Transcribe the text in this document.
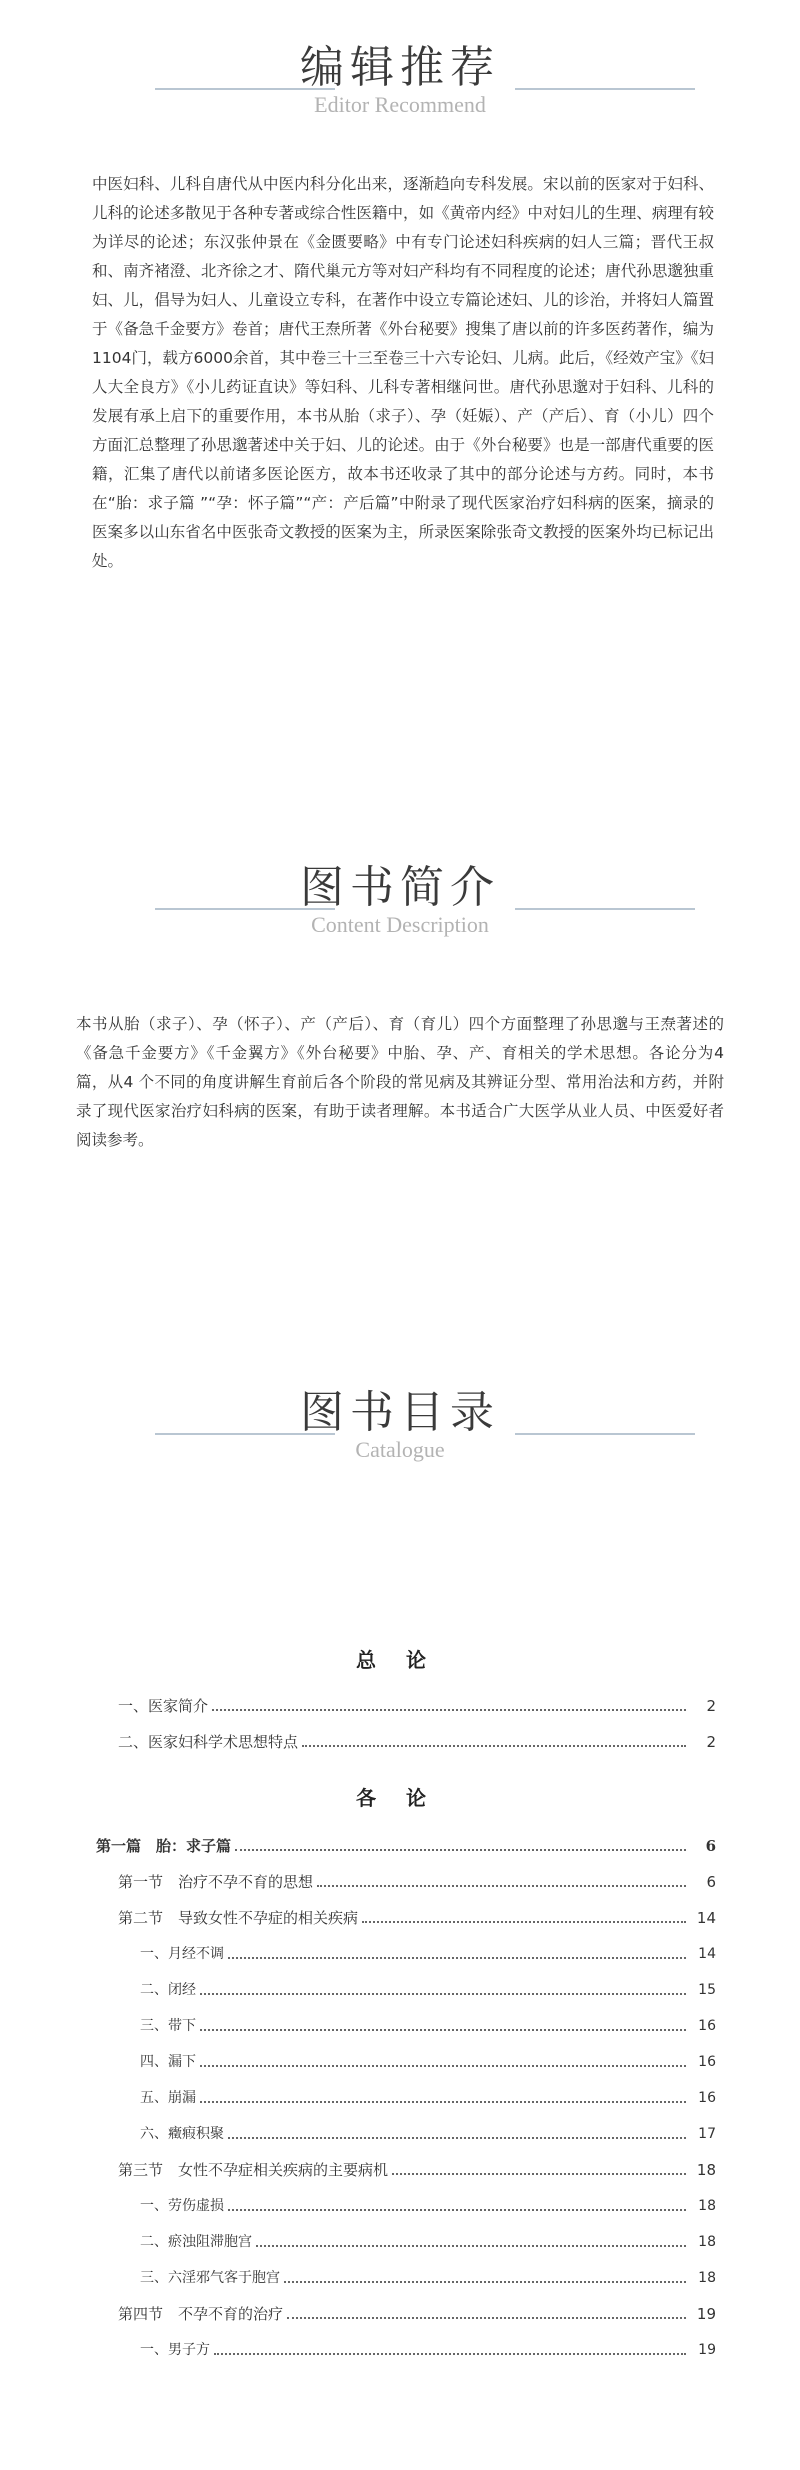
编辑推荐
Editor Recommend
中医妇科、儿科自唐代从中医内科分化出来，逐渐趋向专科发展。宋以前的医家对于妇科、儿科的论述多散见于各种专著或综合性医籍中，如《黄帝内经》中对妇儿的生理、病理有较为详尽的论述；东汉张仲景在《金匮要略》中有专门论述妇科疾病的妇人三篇；晋代王叔和、南齐褚澄、北齐徐之才、隋代巢元方等对妇产科均有不同程度的论述；唐代孙思邈独重妇、儿，倡导为妇人、儿童设立专科，在著作中设立专篇论述妇、儿的诊治，并将妇人篇置于《备急千金要方》卷首；唐代王焘所著《外台秘要》搜集了唐以前的许多医药著作，编为1104门，载方6000余首，其中卷三十三至卷三十六专论妇、儿病。此后，《经效产宝》《妇人大全良方》《小儿药证直诀》等妇科、儿科专著相继问世。唐代孙思邈对于妇科、儿科的发展有承上启下的重要作用，本书从胎（求子）、孕（妊娠）、产（产后）、育（小儿）四个方面汇总整理了孙思邈著述中关于妇、儿的论述。由于《外台秘要》也是一部唐代重要的医籍，汇集了唐代以前诸多医论医方，故本书还收录了其中的部分论述与方药。同时，本书在“胎：求子篇 ”“孕：怀子篇”“产：产后篇”中附录了现代医家治疗妇科病的医案，摘录的医案多以山东省名中医张奇文教授的医案为主，所录医案除张奇文教授的医案外均已标记出处。
图书简介
Content Description
本书从胎（求子）、孕（怀子）、产（产后）、育（育儿）四个方面整理了孙思邈与王焘著述的《备急千金要方》《千金翼方》《外台秘要》中胎、孕、产、育相关的学术思想。各论分为4 篇，从4 个不同的角度讲解生育前后各个阶段的常见病及其辨证分型、常用治法和方药，并附录了现代医家治疗妇科病的医案，有助于读者理解。本书适合广大医学从业人员、中医爱好者阅读参考。
图书目录
Catalogue
总论
一、医家简介	2
二、医家妇科学术思想特点	2
各论
第一篇　胎：求子篇	6
第一节　治疗不孕不育的思想	6
第二节　导致女性不孕症的相关疾病	14
一、月经不调	14
二、闭经	15
三、带下	16
四、漏下	16
五、崩漏	16
六、癥瘕积聚	17
第三节　女性不孕症相关疾病的主要病机	18
一、劳伤虚损	18
二、瘀浊阻滞胞宫	18
三、六淫邪气客于胞宫	18
第四节　不孕不育的治疗	19
一、男子方	19
